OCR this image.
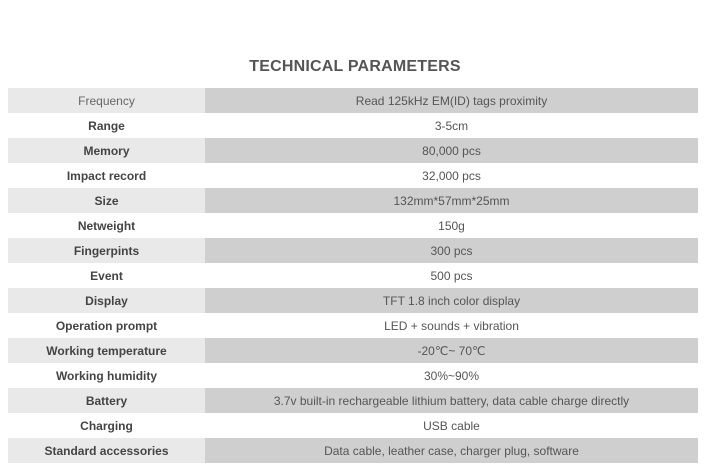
TECHNICAL PARAMETERS
Frequency	Read 125kHz EM(ID) tags proximity
Range	3-5cm
Memory	80,000 pcs
Impact record	32,000 pcs
Size	132mm*57mm*25mm
Netweight	150g
Fingerpints	300 pcs
Event	500 pcs
Display	TFT 1.8 inch color display
Operation prompt	LED + sounds + vibration
Working temperature	-20℃~ 70℃
Working humidity	30%~90%
Battery	3.7v built-in rechargeable lithium battery, data cable charge directly
Charging	USB cable
Standard accessories	Data cable, leather case, charger plug, software
